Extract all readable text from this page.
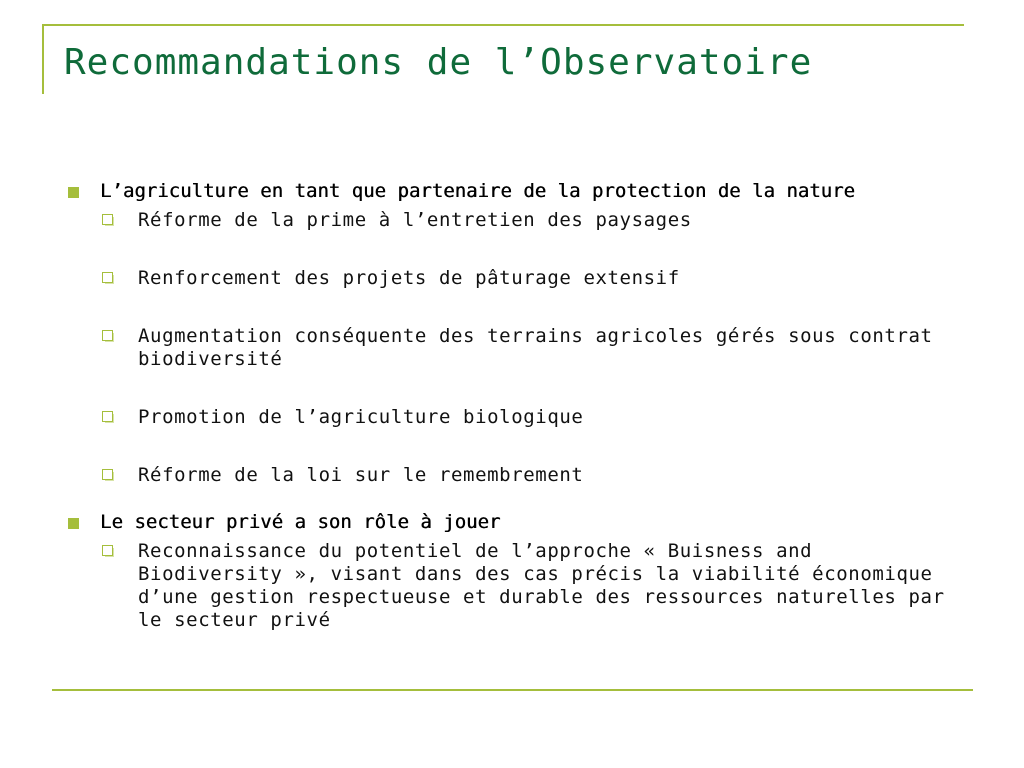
Recommandations de l’Observatoire
L’agriculture en tant que partenaire de la protection de la nature
Réforme de la prime à l’entretien des paysages
Renforcement des projets de pâturage extensif
Augmentation conséquente des terrains agricoles gérés sous contrat biodiversité
Promotion de l’agriculture biologique
Réforme de la loi sur le remembrement
Le secteur privé a son rôle à jouer
Reconnaissance du potentiel de l’approche « Buisness and Biodiversity », visant dans des cas précis la viabilité économique d’une gestion respectueuse et durable des ressources naturelles par le secteur privé
